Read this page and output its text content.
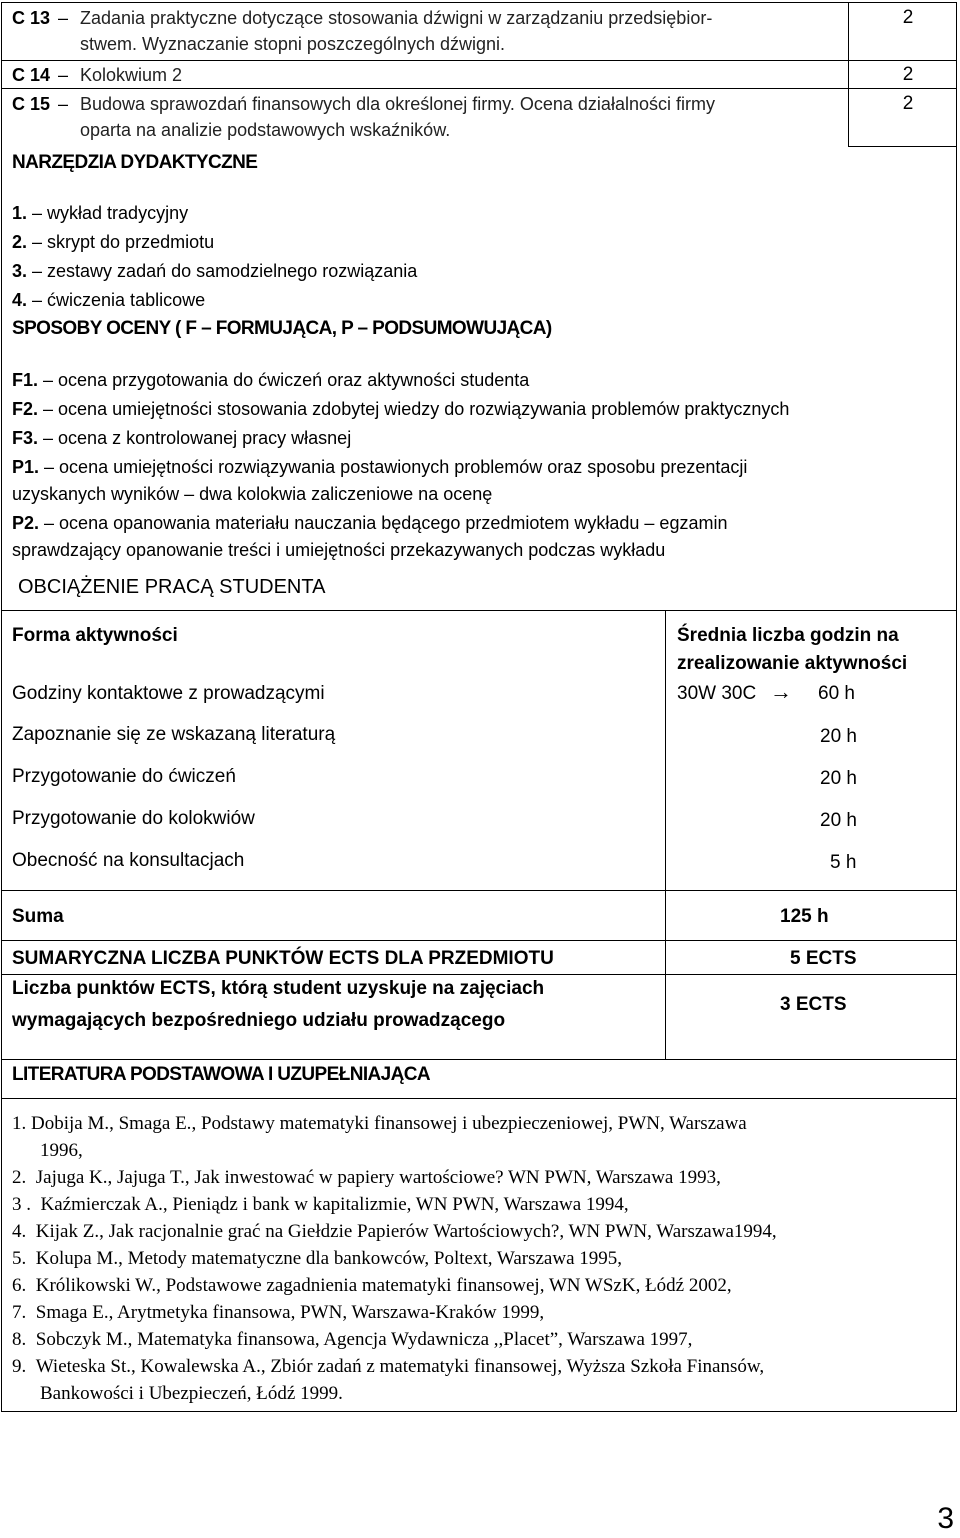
C 13 – Zadania praktyczne dotyczące stosowania dźwigni w zarządzaniu przedsiębior-
stwem. Wyznaczanie stopni poszczególnych dźwigni.
2
C 14 – Kolokwium 2	2
C 15 – Budowa sprawozdań finansowych dla określonej firmy. Ocena działalności firmy
oparta na analizie podstawowych wskaźników.
2
NARZĘDZIA DYDAKTYCZNE
1. – wykład tradycyjny
2. – skrypt do przedmiotu
3. – zestawy zadań do samodzielnego rozwiązania
4. – ćwiczenia tablicowe
SPOSOBY OCENY ( F – FORMUJĄCA, P – PODSUMOWUJĄCA)
F1. – ocena przygotowania do ćwiczeń oraz aktywności studenta
F2. – ocena umiejętności stosowania zdobytej wiedzy do rozwiązywania problemów praktycznych
F3. – ocena z kontrolowanej pracy własnej
P1. – ocena umiejętności rozwiązywania postawionych problemów oraz sposobu prezentacji
uzyskanych wyników – dwa kolokwia zaliczeniowe na ocenę
P2. – ocena opanowania materiału nauczania będącego przedmiotem wykładu – egzamin
sprawdzający opanowanie treści i umiejętności przekazywanych podczas wykładu
OBCIĄŻENIE PRACĄ STUDENTA
Forma aktywności	Średnia liczba godzin na
zrealizowanie aktywności
Godziny kontaktowe z prowadzącymi	30W 30C → 60 h
Zapoznanie się ze wskazaną literaturą	20 h
Przygotowanie do ćwiczeń	20 h
Przygotowanie do kolokwiów	20 h
Obecność na konsultacjach	5 h
Suma	125 h
SUMARYCZNA LICZBA PUNKTÓW ECTS DLA PRZEDMIOTU	5 ECTS
Liczba punktów ECTS, którą student uzyskuje na zajęciach
wymagających bezpośredniego udziału prowadzącego
3 ECTS
LITERATURA PODSTAWOWA I UZUPEŁNIAJĄCA
1. Dobija M., Smaga E., Podstawy matematyki finansowej i ubezpieczeniowej, PWN, Warszawa
1996,
2. Jajuga K., Jajuga T., Jak inwestować w papiery wartościowe? WN PWN, Warszawa 1993,
3 . Kaźmierczak A., Pieniądz i bank w kapitalizmie, WN PWN, Warszawa 1994,
4. Kijak Z., Jak racjonalnie grać na Giełdzie Papierów Wartościowych?, WN PWN, Warszawa1994,
5. Kolupa M., Metody matematyczne dla bankowców, Poltext, Warszawa 1995,
6. Królikowski W., Podstawowe zagadnienia matematyki finansowej, WN WSzK, Łódź 2002,
7. Smaga E., Arytmetyka finansowa, PWN, Warszawa-Kraków 1999,
8. Sobczyk M., Matematyka finansowa, Agencja Wydawnicza ,,Placet”, Warszawa 1997,
9. Wieteska St., Kowalewska A., Zbiór zadań z matematyki finansowej, Wyższa Szkoła Finansów,
Bankowości i Ubezpieczeń, Łódź 1999.
3
